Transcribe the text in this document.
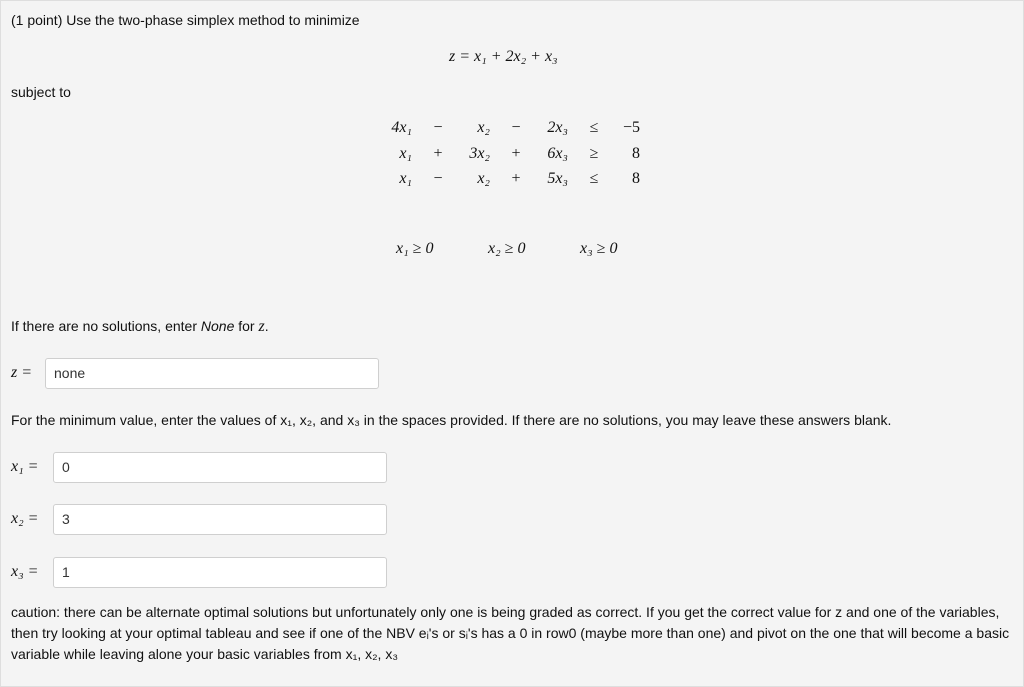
(1 point) Use the two-phase simplex method to minimize
z = x₁ + 2x₂ + x₃
subject to
4x₁	−	x₂	−	2x₃	≤	−5
x₁	+	3x₂	+	6x₃	≥	8
x₁	−	x₂	+	5x₃	≤	8
x₁ ≥ 0	x₂ ≥ 0	x₃ ≥ 0
If there are no solutions, enter None for z.
z =	none
For the minimum value, enter the values of x₁, x₂, and x₃ in the spaces provided. If there are no solutions, you may leave these answers blank.
x₁ =	0
x₂ =	3
x₃ =	1
caution: there can be alternate optimal solutions but unfortunately only one is being graded as correct. If you get the correct value for z and one of the variables, then try looking at your optimal tableau and see if one of the NBV eᵢ's or sᵢ's has a 0 in row0 (maybe more than one) and pivot on the one that will become a basic variable while leaving alone your basic variables from x₁, x₂, x₃
